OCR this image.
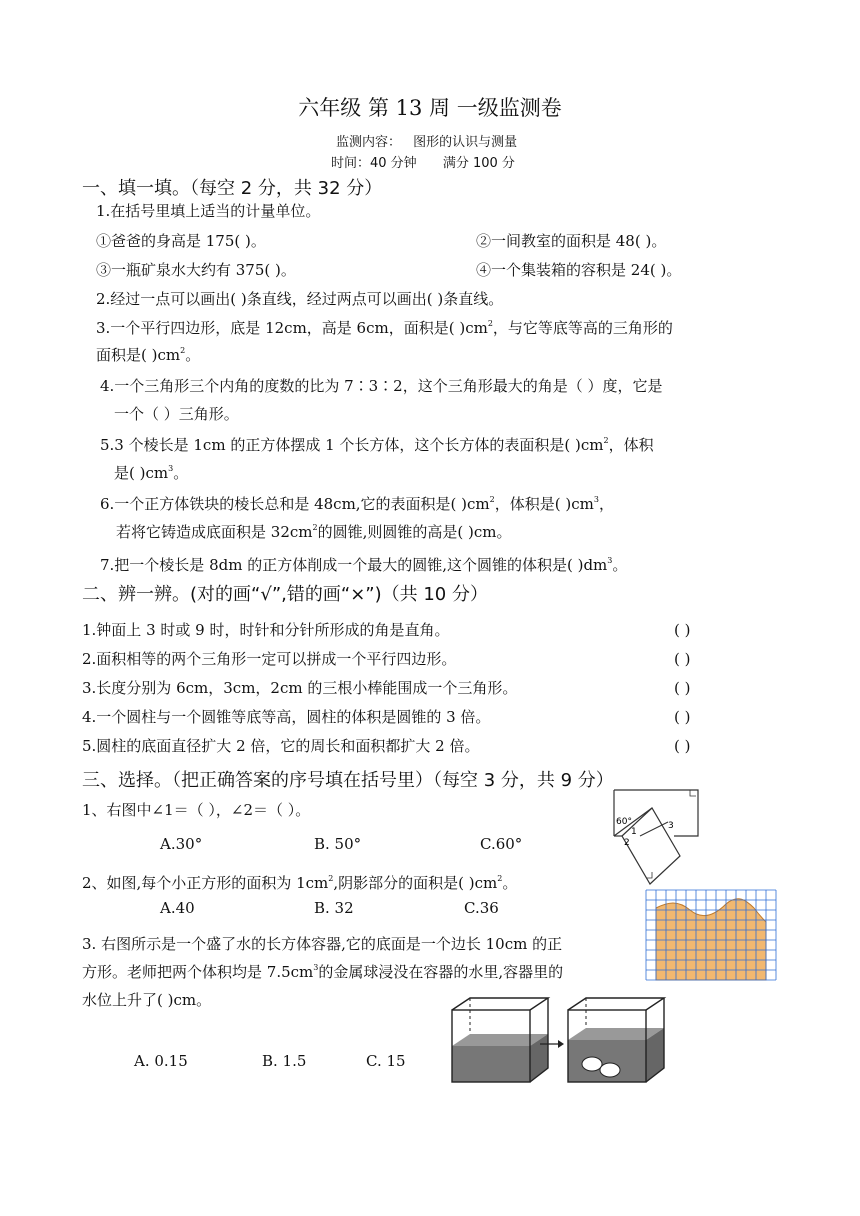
六年级 第 13 周 一级监测卷
监测内容： 图形的认识与测量
时间：40 分钟 满分 100 分
一、填一填。（每空 2 分，共 32 分）
1.在括号里填上适当的计量单位。
①爸爸的身高是 175( )。	②一间教室的面积是 48( )。
③一瓶矿泉水大约有 375( )。	④一个集装箱的容积是 24( )。
2.经过一点可以画出( )条直线，经过两点可以画出( )条直线。
3.一个平行四边形，底是 12cm，高是 6cm，面积是( )$cm^2$，与它等底等高的三角形的
面积是( )$cm^2$。
4.一个三角形三个内角的度数的比为 7∶3∶2，这个三角形最大的角是（ ）度，它是
一个（ ）三角形。
5.3 个棱长是 1cm 的正方体摆成 1 个长方体，这个长方体的表面积是( )$cm^2$，体积
是( )$cm^3$。
6.一个正方体铁块的棱长总和是 48cm,它的表面积是( )$cm^2$，体积是( )$cm^3$，
若将它铸造成底面积是 $32cm^2$的圆锥,则圆锥的高是( )cm。
7.把一个棱长是 8dm 的正方体削成一个最大的圆锥,这个圆锥的体积是( )$dm^3$。
二、辨一辨。(对的画“√”,错的画“×”)（共 10 分）
1.钟面上 3 时或 9 时，时针和分针所形成的角是直角。	( )
2.面积相等的两个三角形一定可以拼成一个平行四边形。	( )
3.长度分别为 6cm，3cm，2cm 的三根小棒能围成一个三角形。	( )
4.一个圆柱与一个圆锥等底等高，圆柱的体积是圆锥的 3 倍。	( )
5.圆柱的底面直径扩大 2 倍，它的周长和面积都扩大 2 倍。	( )
三、选择。（把正确答案的序号填在括号里）（每空 3 分，共 9 分）
1、右图中∠1＝（ ），∠2＝（ ）。
A.30°	B. 50°	C.60°
2、如图,每个小正方形的面积为 $1cm^2$,阴影部分的面积是( )$cm^2$。
A.40	B. 32	C.36
3. 右图所示是一个盛了水的长方体容器,它的底面是一个边长 10cm 的正
方形。老师把两个体积均是 $7.5cm^3$的金属球浸没在容器的水里,容器里的
水位上升了( )cm。
A. 0.15	B. 1.5	C. 15
60°
1
2
3
